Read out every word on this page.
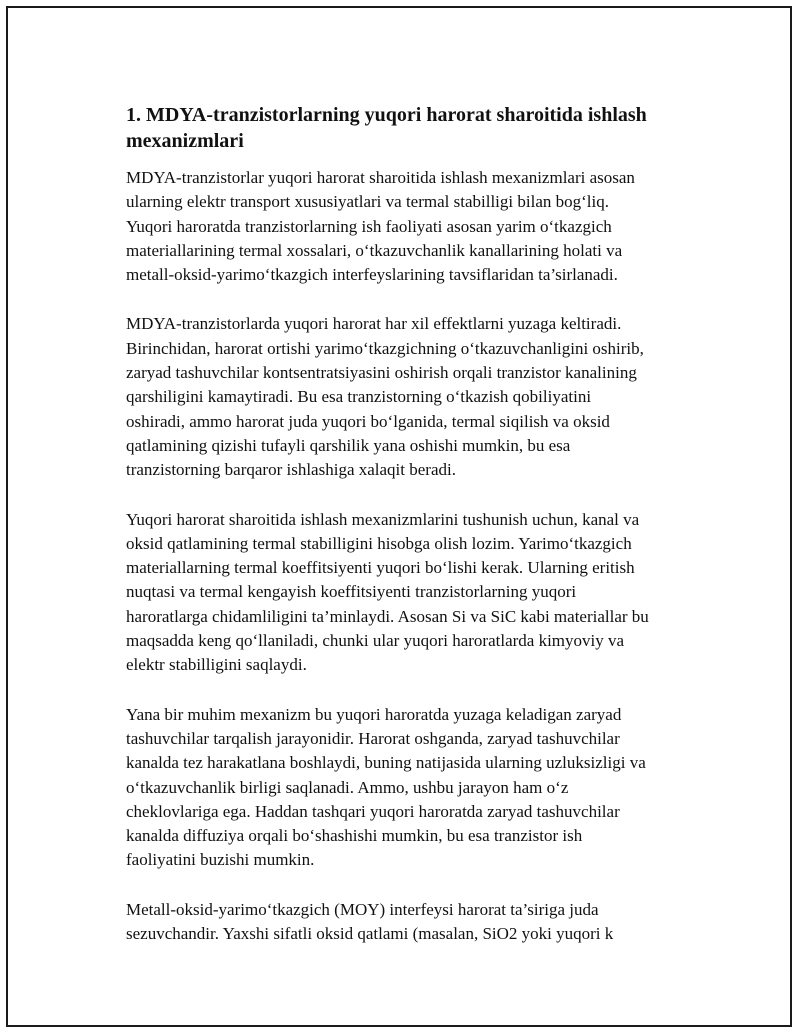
1. MDYA-tranzistorlarning yuqori harorat sharoitida ishlash
mexanizmlari

MDYA-tranzistorlar yuqori harorat sharoitida ishlash mexanizmlari asosan
ularning elektr transport xususiyatlari va termal stabilligi bilan bog‘liq.
Yuqori haroratda tranzistorlarning ish faoliyati asosan yarim o‘tkazgich
materiallarining termal xossalari, o‘tkazuvchanlik kanallarining holati va
metall-oksid-yarimo‘tkazgich interfeyslarining tavsiflaridan ta’sirlanadi.

MDYA-tranzistorlarda yuqori harorat har xil effektlarni yuzaga keltiradi.
Birinchidan, harorat ortishi yarimo‘tkazgichning o‘tkazuvchanligini oshirib,
zaryad tashuvchilar kontsentratsiyasini oshirish orqali tranzistor kanalining
qarshiligini kamaytiradi. Bu esa tranzistorning o‘tkazish qobiliyatini
oshiradi, ammo harorat juda yuqori bo‘lganida, termal siqilish va oksid
qatlamining qizishi tufayli qarshilik yana oshishi mumkin, bu esa
tranzistorning barqaror ishlashiga xalaqit beradi.

Yuqori harorat sharoitida ishlash mexanizmlarini tushunish uchun, kanal va
oksid qatlamining termal stabilligini hisobga olish lozim. Yarimo‘tkazgich
materiallarning termal koeffitsiyenti yuqori bo‘lishi kerak. Ularning eritish
nuqtasi va termal kengayish koeffitsiyenti tranzistorlarning yuqori
haroratlarga chidamliligini ta’minlaydi. Asosan Si va SiC kabi materiallar bu
maqsadda keng qo‘llaniladi, chunki ular yuqori haroratlarda kimyoviy va
elektr stabilligini saqlaydi.

Yana bir muhim mexanizm bu yuqori haroratda yuzaga keladigan zaryad
tashuvchilar tarqalish jarayonidir. Harorat oshganda, zaryad tashuvchilar
kanalda tez harakatlana boshlaydi, buning natijasida ularning uzluksizligi va
o‘tkazuvchanlik birligi saqlanadi. Ammo, ushbu jarayon ham o‘z
cheklovlariga ega. Haddan tashqari yuqori haroratda zaryad tashuvchilar
kanalda diffuziya orqali bo‘shashishi mumkin, bu esa tranzistor ish
faoliyatini buzishi mumkin.

Metall-oksid-yarimo‘tkazgich (MOY) interfeysi harorat ta’siriga juda
sezuvchandir. Yaxshi sifatli oksid qatlami (masalan, SiO2 yoki yuqori k
